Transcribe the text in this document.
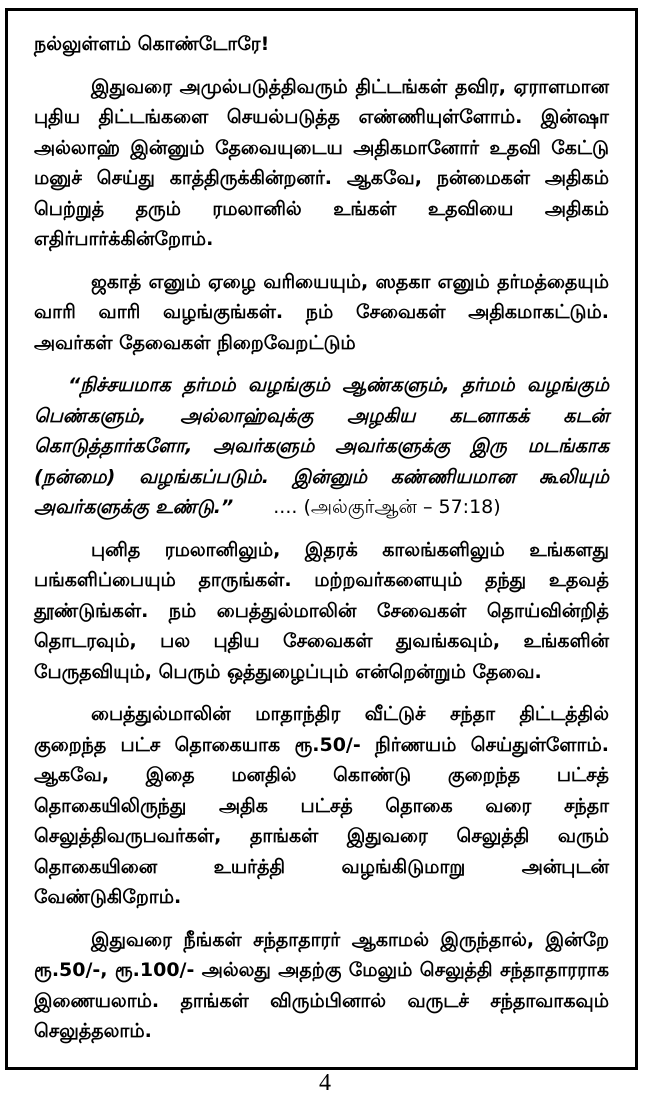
நல்லுள்ளம் கொண்டோரே!

இதுவரை அமுல்படுத்திவரும் திட்டங்கள் தவிர, ஏராளமான புதிய திட்டங்களை செயல்படுத்த எண்ணியுள்ளோம். இன்ஷா அல்லாஹ் இன்னும் தேவையுடைய அதிகமானோர் உதவி கேட்டு மனுச் செய்து காத்திருக்கின்றனர். ஆகவே, நன்மைகள் அதிகம் பெற்றுத் தரும் ரமலானில் உங்கள் உதவியை அதிகம் எதிர்பார்க்கின்றோம்.

ஜகாத் எனும் ஏழை வரியையும், ஸதகா எனும் தர்மத்தையும் வாரி வாரி வழங்குங்கள். நம் சேவைகள் அதிகமாகட்டும். அவர்கள் தேவைகள் நிறைவேறட்டும்

“நிச்சயமாக தர்மம் வழங்கும் ஆண்களும், தர்மம் வழங்கும் பெண்களும், அல்லாஹ்வுக்கு அழகிய கடனாகக் கடன் கொடுத்தார்களோ, அவர்களும் அவர்களுக்கு இரு மடங்காக (நன்மை) வழங்கப்படும். இன்னும் கண்ணியமான கூலியும் அவர்களுக்கு உண்டு.” .... (அல்குர்ஆன் – 57:18)

புனித ரமலானிலும், இதரக் காலங்களிலும் உங்களது பங்களிப்பையும் தாருங்கள். மற்றவர்களையும் தந்து உதவத் தூண்டுங்கள். நம் பைத்துல்மாலின் சேவைகள் தொய்வின்றித் தொடரவும், பல புதிய சேவைகள் துவங்கவும், உங்களின் பேருதவியும், பெரும் ஒத்துழைப்பும் என்றென்றும் தேவை.

பைத்துல்மாலின் மாதாந்திர வீட்டுச் சந்தா திட்டத்தில் குறைந்த பட்ச தொகையாக ரூ.50/- நிர்ணயம் செய்துள்ளோம். ஆகவே, இதை மனதில் கொண்டு குறைந்த பட்சத் தொகையிலிருந்து அதிக பட்சத் தொகை வரை சந்தா செலுத்திவருபவர்கள், தாங்கள் இதுவரை செலுத்தி வரும் தொகையினை உயர்த்தி வழங்கிடுமாறு அன்புடன் வேண்டுகிறோம்.

இதுவரை நீங்கள் சந்தாதாரர் ஆகாமல் இருந்தால், இன்றே ரூ.50/-, ரூ.100/- அல்லது அதற்கு மேலும் செலுத்தி சந்தாதாரராக இணையலாம். தாங்கள் விரும்பினால் வருடச் சந்தாவாகவும் செலுத்தலாம்.

4
